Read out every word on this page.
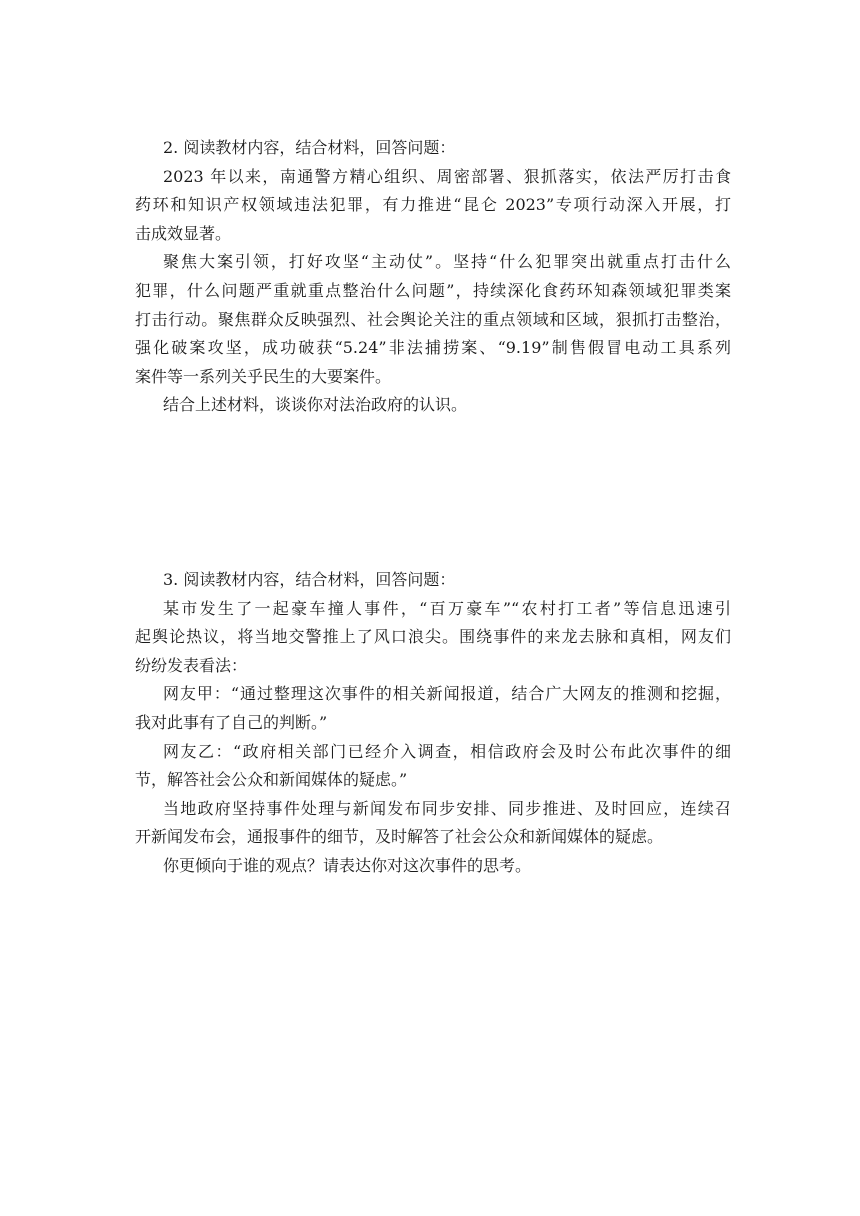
2. 阅读教材内容，结合材料，回答问题：

2023 年以来，南通警方精心组织、周密部署、狠抓落实，依法严厉打击食

药环和知识产权领域违法犯罪，有力推进“昆仑 2023”专项行动深入开展，打

击成效显著。

聚焦大案引领，打好攻坚“主动仗”。坚持“什么犯罪突出就重点打击什么

犯罪，什么问题严重就重点整治什么问题”，持续深化食药环知森领域犯罪类案

打击行动。聚焦群众反映强烈、社会舆论关注的重点领域和区域，狠抓打击整治，

强化破案攻坚，成功破获“5.24”非法捕捞案、“9.19”制售假冒电动工具系列

案件等一系列关乎民生的大要案件。

结合上述材料，谈谈你对法治政府的认识。

3. 阅读教材内容，结合材料，回答问题：

某市发生了一起豪车撞人事件，“百万豪车”“农村打工者”等信息迅速引

起舆论热议，将当地交警推上了风口浪尖。围绕事件的来龙去脉和真相，网友们

纷纷发表看法：

网友甲：“通过整理这次事件的相关新闻报道，结合广大网友的推测和挖掘，

我对此事有了自己的判断。”

网友乙：“政府相关部门已经介入调查，相信政府会及时公布此次事件的细

节，解答社会公众和新闻媒体的疑虑。”

当地政府坚持事件处理与新闻发布同步安排、同步推进、及时回应，连续召

开新闻发布会，通报事件的细节，及时解答了社会公众和新闻媒体的疑虑。

你更倾向于谁的观点？请表达你对这次事件的思考。
